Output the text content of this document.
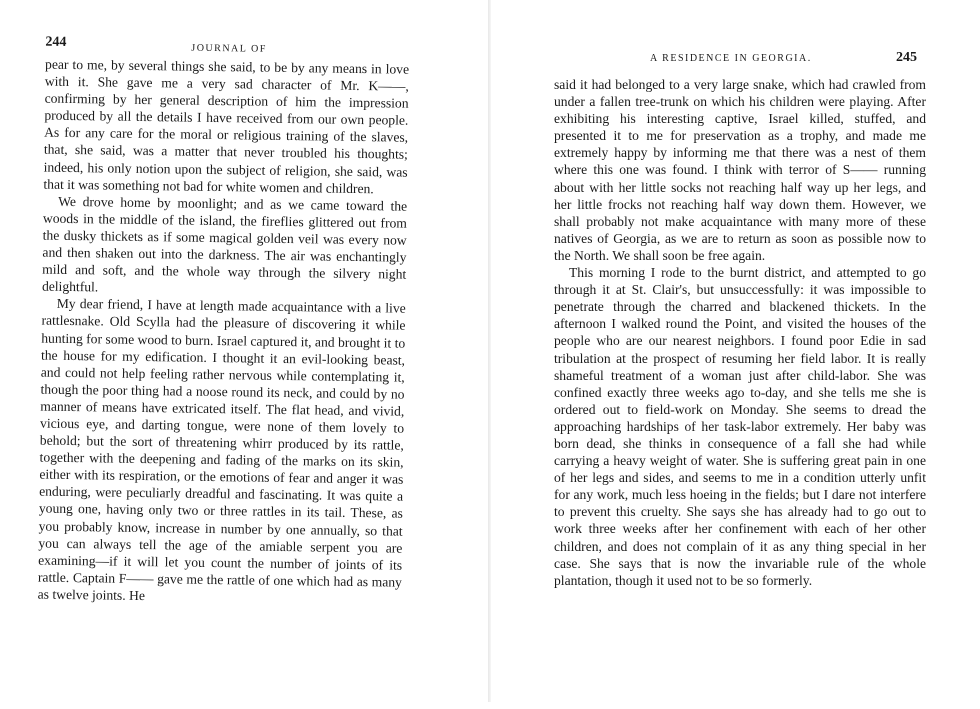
244	JOURNAL OF

pear to me, by several things she said, to be by any means in love with it. She gave me a very sad character of Mr. K——, confirming by her general description of him the impression produced by all the details I have received from our own people. As for any care for the moral or religious training of the slaves, that, she said, was a matter that never troubled his thoughts; indeed, his only notion upon the subject of religion, she said, was that it was something not bad for white women and children.

We drove home by moonlight; and as we came toward the woods in the middle of the island, the fireflies glittered out from the dusky thickets as if some magical golden veil was every now and then shaken out into the darkness. The air was enchantingly mild and soft, and the whole way through the silvery night delightful.

My dear friend, I have at length made acquaintance with a live rattlesnake. Old Scylla had the pleasure of discovering it while hunting for some wood to burn. Israel captured it, and brought it to the house for my edification. I thought it an evil-looking beast, and could not help feeling rather nervous while contemplating it, though the poor thing had a noose round its neck, and could by no manner of means have extricated itself. The flat head, and vivid, vicious eye, and darting tongue, were none of them lovely to behold; but the sort of threatening whirr produced by its rattle, together with the deepening and fading of the marks on its skin, either with its respiration, or the emotions of fear and anger it was enduring, were peculiarly dreadful and fascinating. It was quite a young one, having only two or three rattles in its tail. These, as you probably know, increase in number by one annually, so that you can always tell the age of the amiable serpent you are examining—if it will let you count the number of joints of its rattle. Captain F—— gave me the rattle of one which had as many as twelve joints. He

A RESIDENCE IN GEORGIA.	245

said it had belonged to a very large snake, which had crawled from under a fallen tree-trunk on which his children were playing. After exhibiting his interesting captive, Israel killed, stuffed, and presented it to me for preservation as a trophy, and made me extremely happy by informing me that there was a nest of them where this one was found. I think with terror of S—— running about with her little socks not reaching half way up her legs, and her little frocks not reaching half way down them. However, we shall probably not make acquaintance with many more of these natives of Georgia, as we are to return as soon as possible now to the North. We shall soon be free again.

This morning I rode to the burnt district, and attempted to go through it at St. Clair's, but unsuccessfully: it was impossible to penetrate through the charred and blackened thickets. In the afternoon I walked round the Point, and visited the houses of the people who are our nearest neighbors. I found poor Edie in sad tribulation at the prospect of resuming her field labor. It is really shameful treatment of a woman just after child-labor. She was confined exactly three weeks ago to-day, and she tells me she is ordered out to field-work on Monday. She seems to dread the approaching hardships of her task-labor extremely. Her baby was born dead, she thinks in consequence of a fall she had while carrying a heavy weight of water. She is suffering great pain in one of her legs and sides, and seems to me in a condition utterly unfit for any work, much less hoeing in the fields; but I dare not interfere to prevent this cruelty. She says she has already had to go out to work three weeks after her confinement with each of her other children, and does not complain of it as any thing special in her case. She says that is now the invariable rule of the whole plantation, though it used not to be so formerly.
